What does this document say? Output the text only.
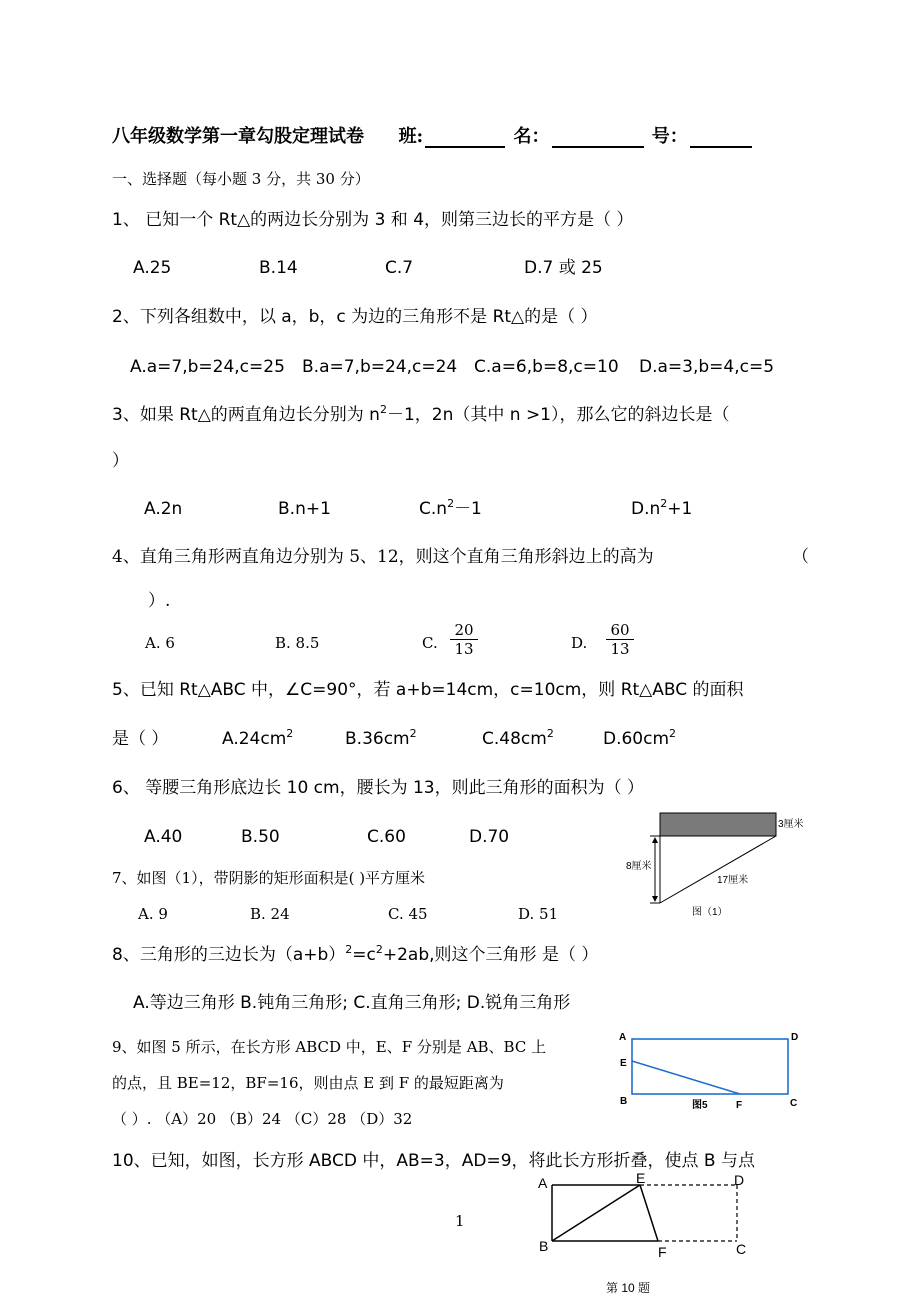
八年级数学第一章勾股定理试卷 班:	名：	号：
一、选择题（每小题 3 分，共 30 分）
1、 已知一个 Rt△的两边长分别为 3 和 4，则第三边长的平方是（ ）
A.25	B.14	C.7	D.7 或 25
2、下列各组数中，以 a，b，c 为边的三角形不是 Rt△的是（ ）
A.a=7,b=24,c=25 B.a=7,b=24,c=24 C.a=6,b=8,c=10 D.a=3,b=4,c=5
3、如果 Rt△的两直角边长分别为 $n^2-1$，2n（其中 n >1），那么它的斜边长是（
）
A.2n	B.n+1	$C.n^2-1$	$D.n^2+1$
4、直角三角形两直角边分别为 5、12，则这个直角三角形斜边上的高为	（
）.
A. 6	B. 8.5	C. $\frac{20}{13}$	D. $\frac{60}{13}$
5、已知 Rt△ABC 中，∠C=90°，若 a+b=14cm，c=10cm，则 Rt△ABC 的面积
是（ ）	$A.24cm^2$	$B.36cm^2$	$C.48cm^2$	$D.60cm^2$
6、 等腰三角形底边长 10 cm，腰长为 13，则此三角形的面积为（ ）
A.40	B.50	C.60	D.70
3厘米
8厘米
17厘米
图（1）
7、如图（1），带阴影的矩形面积是( )平方厘米
A. 9	B. 24	C. 45	D. 51
8、三角形的三边长为$(a+b)^2=c^2+2ab$,则这个三角形 是（ ）
A.等边三角形 B.钝角三角形; C.直角三角形; D.锐角三角形
9、如图 5 所示，在长方形 ABCD 中，E、F 分别是 AB、BC 上
的点，且 BE=12，BF=16，则由点 E 到 F 的最短距离为
（ ）. （A）20 （B）24 （C）28 （D）32
A	D
E
B	C
F
图5
10、已知，如图，长方形 ABCD 中，AB=3，AD=9，将此长方形折叠，使点 B 与点
A	E	D
B	F	C
第 10 题
1
